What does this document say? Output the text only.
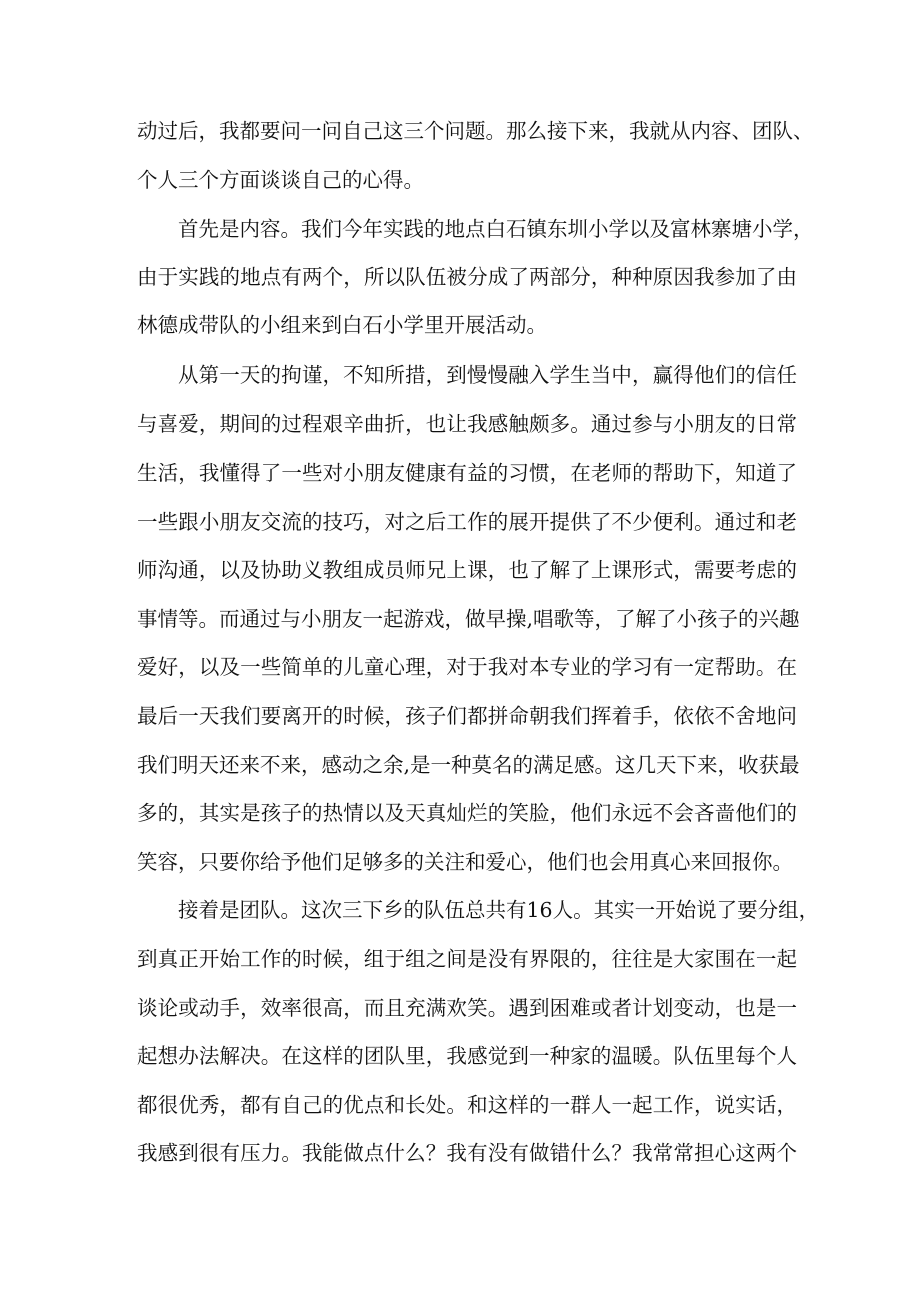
动过后，我都要问一问自己这三个问题。那么接下来，我就从内容、团队、
个人三个方面谈谈自己的心得。
首先是内容。我们今年实践的地点白石镇东圳小学以及富林寨塘小学，
由于实践的地点有两个，所以队伍被分成了两部分，种种原因我参加了由
林德成带队的小组来到白石小学里开展活动。
从第一天的拘谨，不知所措，到慢慢融入学生当中，赢得他们的信任
与喜爱，期间的过程艰辛曲折，也让我感触颇多。通过参与小朋友的日常
生活，我懂得了一些对小朋友健康有益的习惯，在老师的帮助下，知道了
一些跟小朋友交流的技巧，对之后工作的展开提供了不少便利。通过和老
师沟通，以及协助义教组成员师兄上课，也了解了上课形式，需要考虑的
事情等。而通过与小朋友一起游戏，做早操,唱歌等，了解了小孩子的兴趣
爱好，以及一些简单的儿童心理，对于我对本专业的学习有一定帮助。在
最后一天我们要离开的时候，孩子们都拼命朝我们挥着手，依依不舍地问
我们明天还来不来，感动之余,是一种莫名的满足感。这几天下来，收获最
多的，其实是孩子的热情以及天真灿烂的笑脸，他们永远不会吝啬他们的
笑容，只要你给予他们足够多的关注和爱心，他们也会用真心来回报你。
接着是团队。这次三下乡的队伍总共有16人。其实一开始说了要分组，
到真正开始工作的时候，组于组之间是没有界限的，往往是大家围在一起
谈论或动手，效率很高，而且充满欢笑。遇到困难或者计划变动，也是一
起想办法解决。在这样的团队里，我感觉到一种家的温暖。队伍里每个人
都很优秀，都有自己的优点和长处。和这样的一群人一起工作，说实话，
我感到很有压力。我能做点什么？我有没有做错什么？我常常担心这两个
